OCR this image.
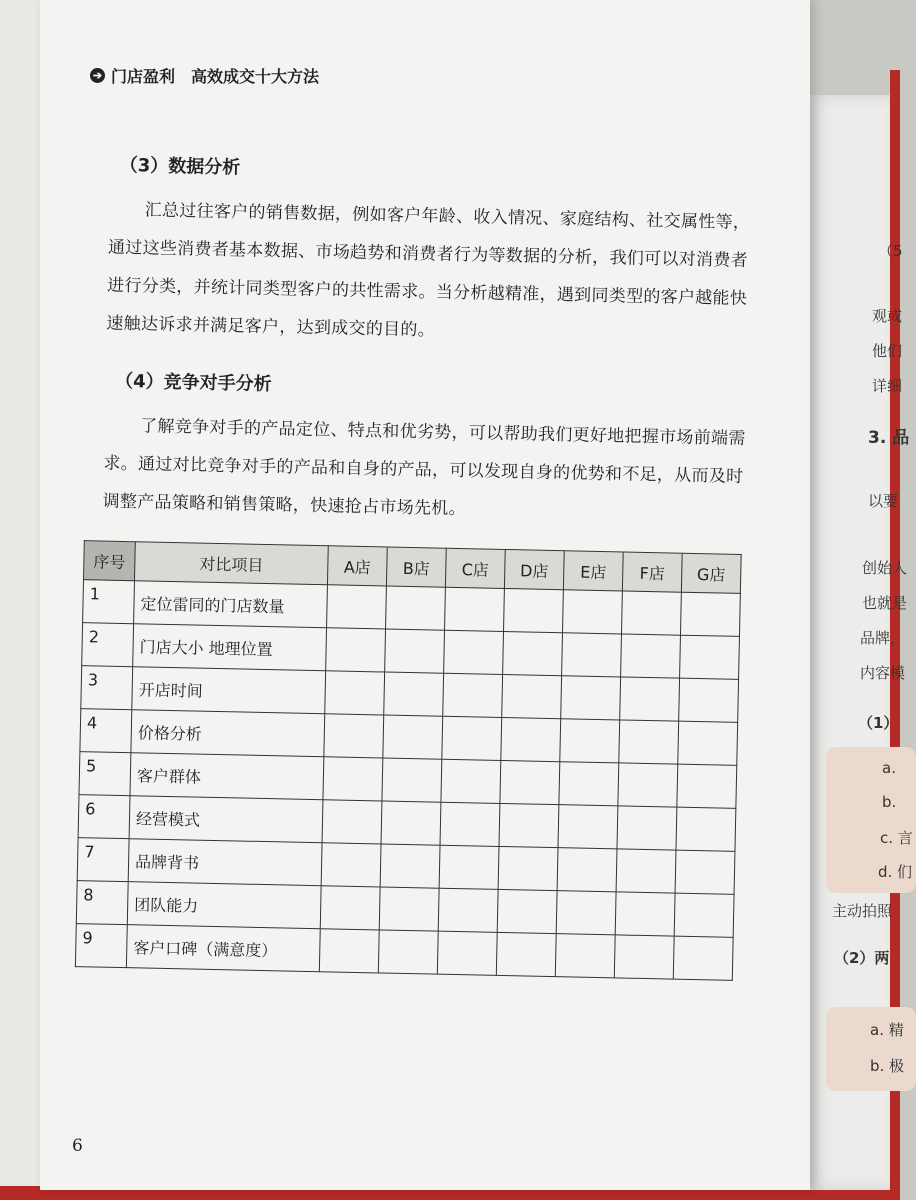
（5
观或
他们
详细
3. 品
以要
创始人
也就是
品牌，
内容模
（1）
a.
b.
c. 言
d. 们
主动拍照
（2）两
a. 精
b. 极
➔ 门店盈利 高效成交十大方法
（3）数据分析

汇总过往客户的销售数据，例如客户年龄、收入情况、家庭结构、社交属性等，通过这些消费者基本数据、市场趋势和消费者行为等数据的分析，我们可以对消费者进行分类，并统计同类型客户的共性需求。当分析越精准，遇到同类型的客户越能快速触达诉求并满足客户，达到成交的目的。

（4）竞争对手分析

了解竞争对手的产品定位、特点和优劣势，可以帮助我们更好地把握市场前端需求。通过对比竞争对手的产品和自身的产品，可以发现自身的优势和不足，从而及时调整产品策略和销售策略，快速抢占市场先机。

序号	对比项目	A店	B店	C店	D店	E店	F店	G店
1	定位雷同的门店数量							
2	门店大小 地理位置							
3	开店时间							
4	价格分析							
5	客户群体							
6	经营模式							
7	品牌背书							
8	团队能力							
9	客户口碑（满意度）							
6
